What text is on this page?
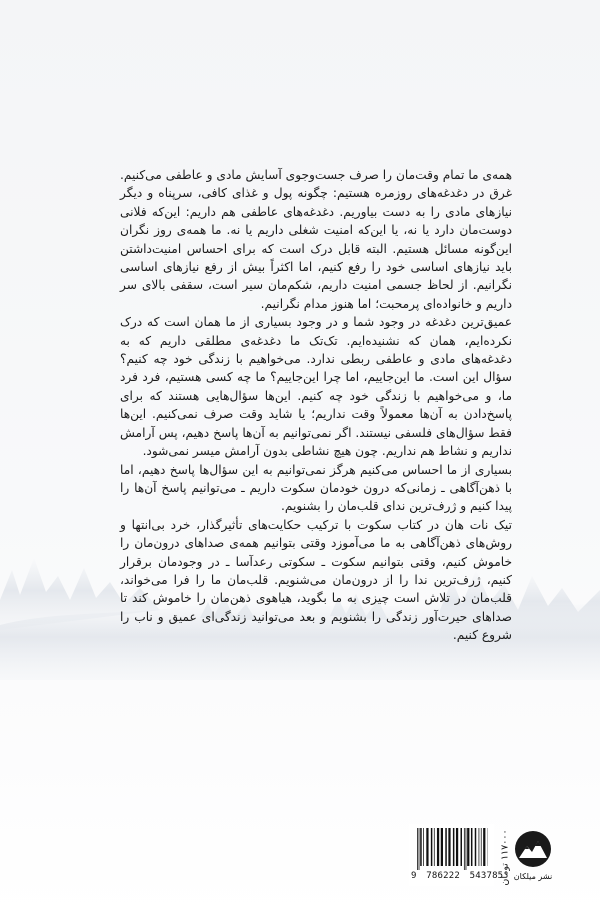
همه‌ی ما تمام وقت‌مان را صرف جست‌وجوی آسایش مادی و عاطفی می‌کنیم. غرق در دغدغه‌های روزمره هستیم: چگونه پول و غذای کافی، سرپناه و دیگر نیازهای مادی را به دست بیاوریم. دغدغه‌های عاطفی هم داریم: این‌که فلانی دوست‌مان دارد یا نه، یا این‌که امنیت شغلی داریم یا نه. ما همه‌ی روز نگران این‌گونه مسائل هستیم. البته قابل درک است که برای احساس امنیت‌داشتن باید نیازهای اساسی خود را رفع کنیم، اما اکثراً بیش از رفع نیازهای اساسی نگرانیم. از لحاظ جسمی امنیت داریم، شکم‌مان سیر است، سقفی بالای سر داریم و خانواده‌ای پرمحبت؛ اما هنوز مدام نگرانیم.

عمیق‌ترین دغدغه در وجود شما و در وجود بسیاری از ما همان است که درک نکرده‌ایم، همان که نشنیده‌ایم. تک‌تک ما دغدغه‌ی مطلقی داریم که به دغدغه‌های مادی و عاطفی ربطی ندارد. می‌خواهیم با زندگی خود چه کنیم؟ سؤال این است. ما این‌جاییم، اما چرا این‌جاییم؟ ما چه کسی هستیم، فرد فرد ما، و می‌خواهیم با زندگی خود چه کنیم. این‌ها سؤال‌هایی هستند که برای پاسخ‌دادن به آن‌ها معمولاً وقت نداریم؛ یا شاید وقت صرف نمی‌کنیم. این‌ها فقط سؤال‌های فلسفی نیستند. اگر نمی‌توانیم به آن‌ها پاسخ دهیم، پس آرامش نداریم و نشاط هم نداریم. چون هیچ نشاطی بدون آرامش میسر نمی‌شود.

بسیاری از ما احساس می‌کنیم هرگز نمی‌توانیم به این سؤال‌ها پاسخ دهیم، اما با ذهن‌آگاهی ـ زمانی‌که درون خودمان سکوت داریم ـ می‌توانیم پاسخ آن‌ها را پیدا کنیم و ژرف‌ترین ندای قلب‌مان را بشنویم.

تیک نات هان در کتاب سکوت با ترکیب حکایت‌های تأثیرگذار، خرد بی‌انتها و روش‌های ذهن‌آگاهی به ما می‌آموزد وقتی بتوانیم همه‌ی صداهای درون‌مان را خاموش کنیم، وقتی بتوانیم سکوت ـ سکوتی رعدآسا ـ در وجودمان برقرار کنیم، ژرف‌ترین ندا را از درون‌مان می‌شنویم. قلب‌مان ما را فرا می‌خواند، قلب‌مان در تلاش است چیزی به ما بگوید، هیاهوی ذهن‌مان را خاموش کند تا صداهای حیرت‌آور زندگی را بشنویم و بعد می‌توانید زندگی‌ای عمیق و ناب را شروع کنیم.

9 786222 543785
۱۱۷۰۰۰ تومان
نشر میلکان
